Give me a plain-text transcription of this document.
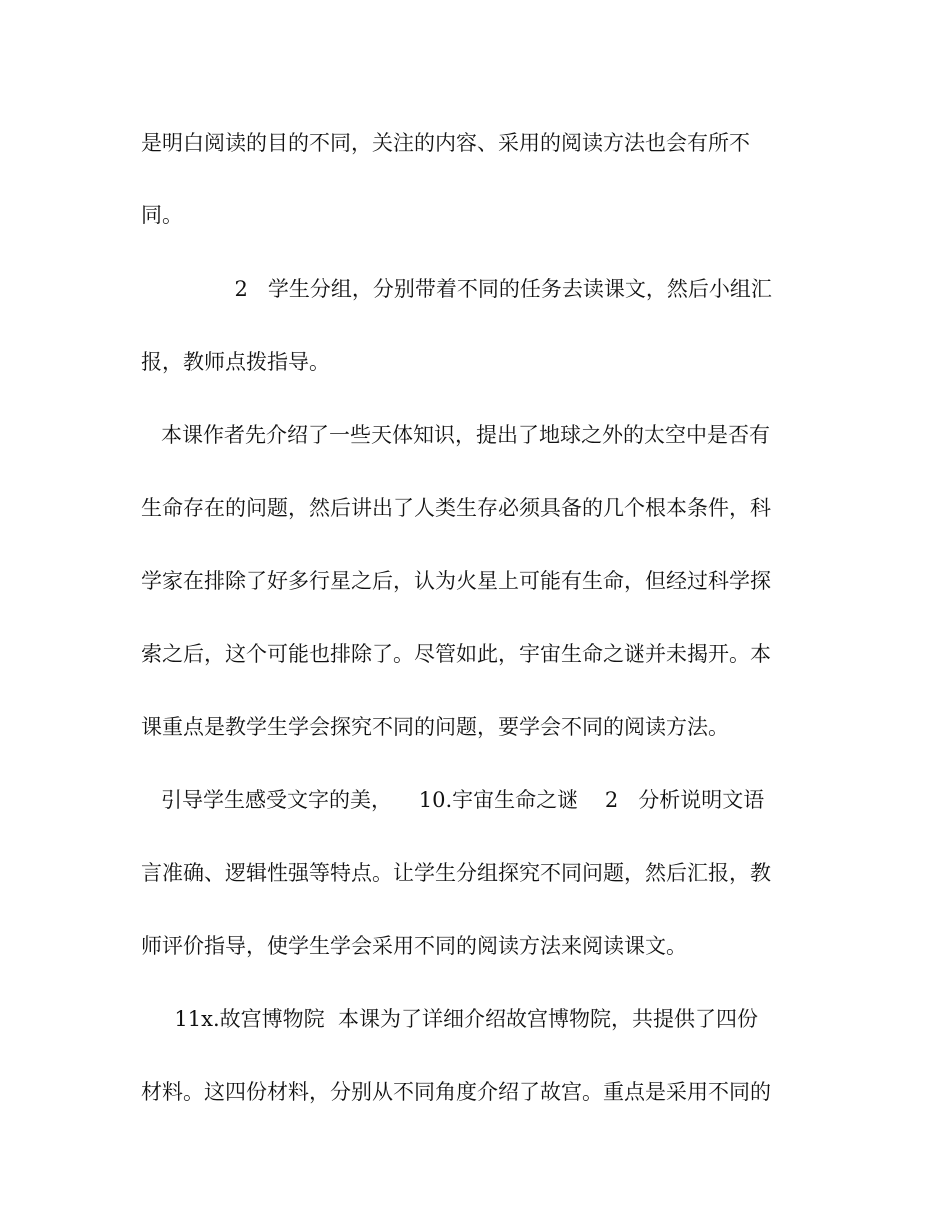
是明白阅读的目的不同，关注的内容、采用的阅读方法也会有所不
同。
2   学生分组，分别带着不同的任务去读课文，然后小组汇
报，教师点拨指导。
本课作者先介绍了一些天体知识，提出了地球之外的太空中是否有
生命存在的问题，然后讲出了人类生存必须具备的几个根本条件，科
学家在排除了好多行星之后，认为火星上可能有生命，但经过科学探
索之后，这个可能也排除了。尽管如此，宇宙生命之谜并未揭开。本
课重点是教学生学会探究不同的问题，要学会不同的阅读方法。
引导学生感受文字的美，    10.宇宙生命之谜    2   分析说明文语
言准确、逻辑性强等特点。让学生分组探究不同问题，然后汇报，教
师评价指导，使学生学会采用不同的阅读方法来阅读课文。
11x.故宫博物院  本课为了详细介绍故宫博物院，共提供了四份
材料。这四份材料，分别从不同角度介绍了故宫。重点是采用不同的
